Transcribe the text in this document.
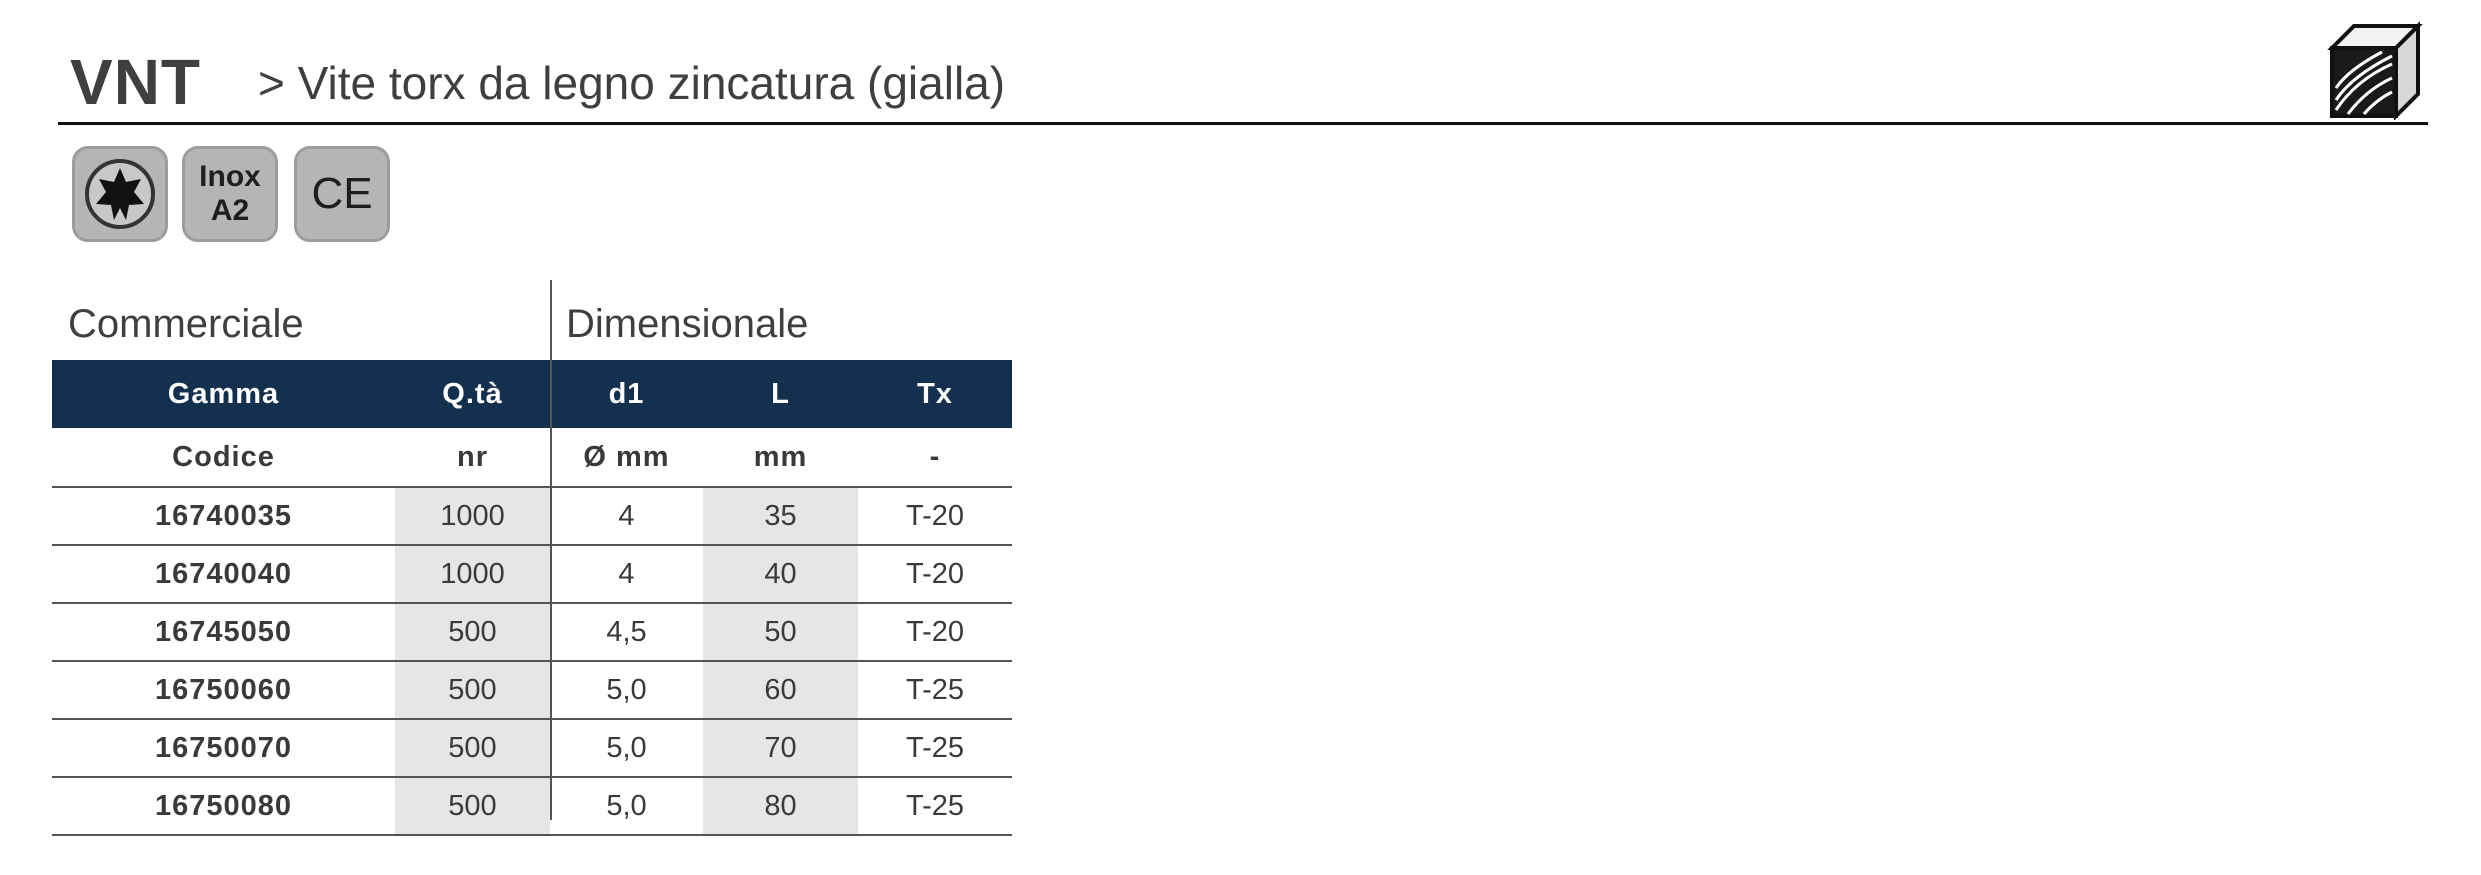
VNT > Vite torx da legno zincatura (gialla)
Inox
A2 CE
Commerciale	Dimensionale
Gamma	Q.tà	d1	L	Tx
Codice	nr	Ø mm	mm	-
16740035	1000	4	35	T-20
16740040	1000	4	40	T-20
16745050	500	4,5	50	T-20
16750060	500	5,0	60	T-25
16750070	500	5,0	70	T-25
16750080	500	5,0	80	T-25
